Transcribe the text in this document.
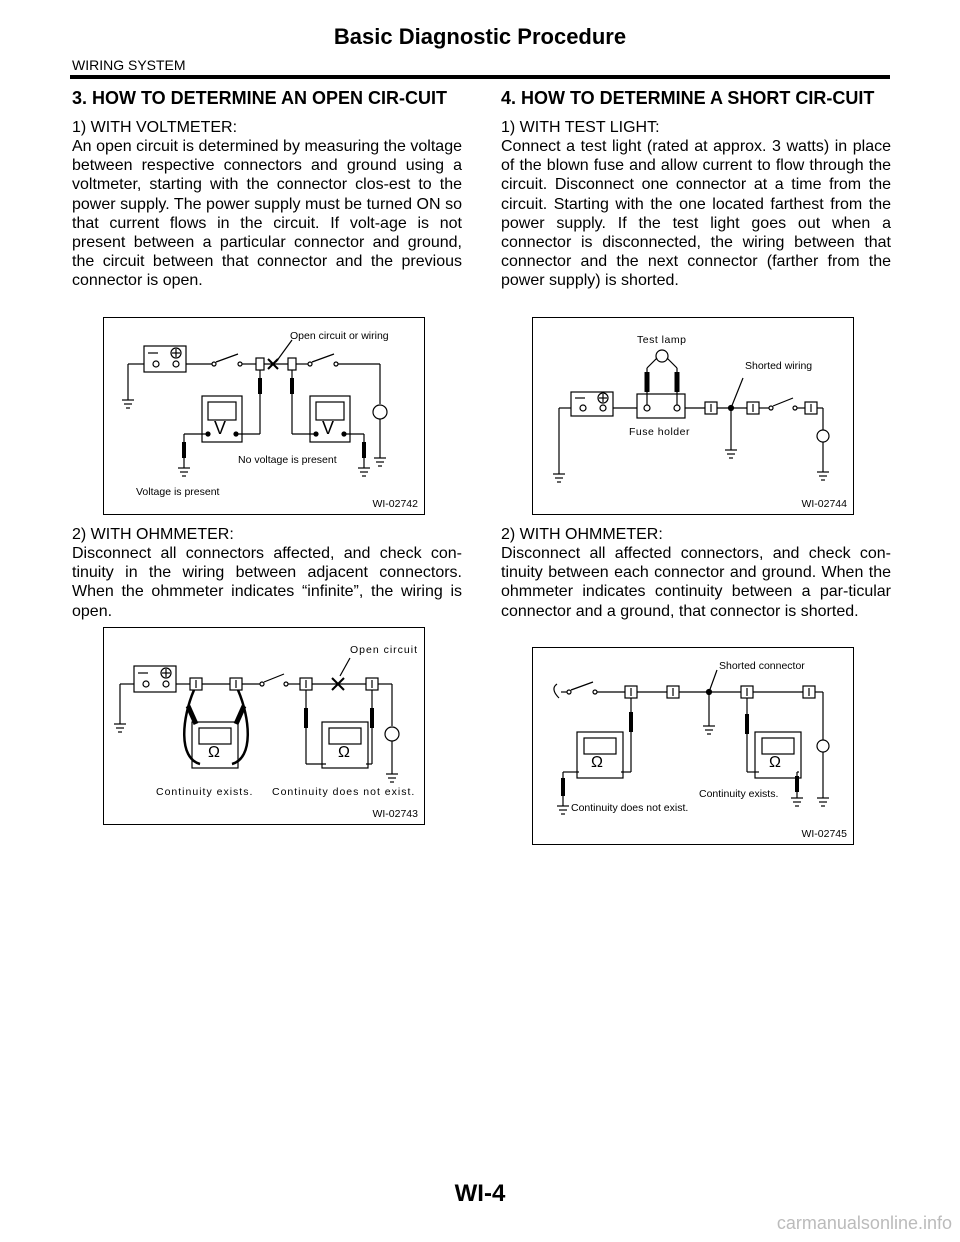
Basic Diagnostic Procedure
WIRING SYSTEM
3. HOW TO DETERMINE AN OPEN CIR-CUIT
1) WITH VOLTMETER:

An open circuit is determined by measuring the voltage between respective connectors and ground using a voltmeter, starting with the connector clos-est to the power supply. The power supply must be turned ON so that current flows in the circuit. If volt-age is not present between a particular connector and ground, the circuit between that connector and the previous connector is open.

V	V
Open circuit or wiring
No voltage is present
Voltage is present
WI-02742
2) WITH OHMMETER:

Disconnect all connectors affected, and check con-tinuity in the wiring between adjacent connectors. When the ohmmeter indicates “infinite”, the wiring is open.

Ω	Ω
Open circuit
Continuity exists. Continuity does not exist.
WI-02743
4. HOW TO DETERMINE A SHORT CIR-CUIT
1) WITH TEST LIGHT:

Connect a test light (rated at approx. 3 watts) in place of the blown fuse and allow current to flow through the circuit. Disconnect one connector at a time from the circuit. Starting with the one located farthest from the power supply. If the test light goes out when a connector is disconnected, the wiring between that connector and the next connector (farther from the power supply) is shorted.

Test lamp
Shorted wiring
Fuse holder
WI-02744
2) WITH OHMMETER:

Disconnect all affected connectors, and check con-tinuity between each connector and ground. When the ohmmeter indicates continuity between a par-ticular connector and a ground, that connector is shorted.

Ω	Ω
Shorted connector
Continuity exists.
Continuity does not exist.
WI-02745
WI-4
carmanualsonline.info
